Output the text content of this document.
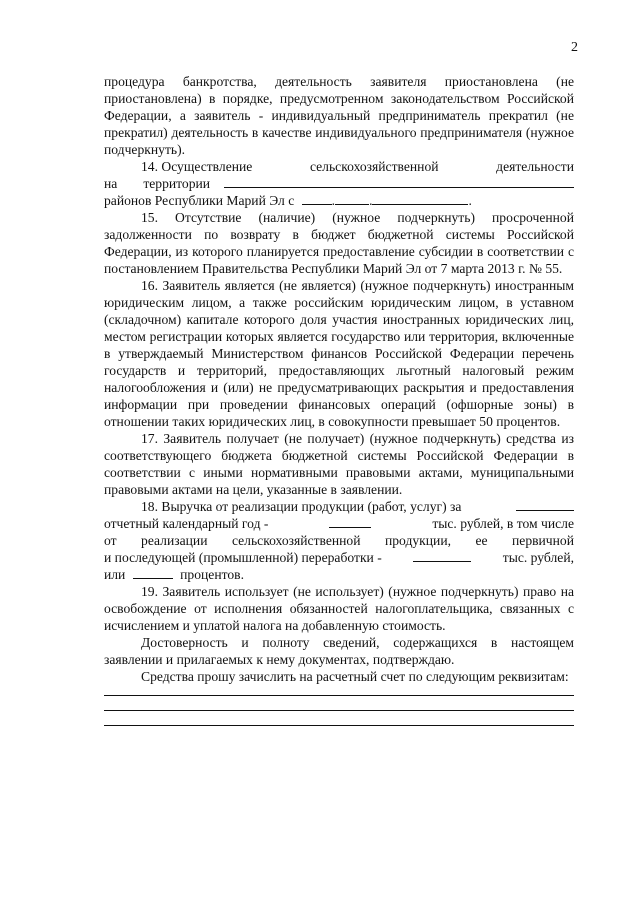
2

процедура банкротства, деятельность заявителя приостановлена (не приостановлена) в порядке, предусмотренном законодательством Российской Федерации, а заявитель - индивидуальный предприниматель прекратил (не прекратил) деятельность в качестве индивидуального предпринимателя (нужное подчеркнуть).

14. Осуществление	сельскохозяйственной	деятельности
на территории
районов Республики Марий Эл с	.	.	.

15. Отсутствие (наличие) (нужное подчеркнуть) просроченной задолженности по возврату в бюджет бюджетной системы Российской Федерации, из которого планируется предоставление субсидии в соответствии с постановлением Правительства Республики Марий Эл от 7 марта 2013 г. № 55.

16. Заявитель является (не является) (нужное подчеркнуть) иностранным юридическим лицом, а также российским юридическим лицом, в уставном (складочном) капитале которого доля участия иностранных юридических лиц, местом регистрации которых является государство или территория, включенные в утверждаемый Министерством финансов Российской Федерации перечень государств и территорий, предоставляющих льготный налоговый режим налогообложения и (или) не предусматривающих раскрытия и предоставления информации при проведении финансовых операций (офшорные зоны) в отношении таких юридических лиц, в совокупности превышает 50 процентов.

17. Заявитель получает (не получает) (нужное подчеркнуть) средства из соответствующего бюджета бюджетной системы Российской Федерации в соответствии с иными нормативными правовыми актами, муниципальными правовыми актами на цели, указанные в заявлении.

18. Выручка от реализации продукции (работ, услуг) за
отчетный календарный год -	тыс. рублей, в том числе
от реализации сельскохозяйственной продукции, ее первичной
и последующей (промышленной) переработки -	тыс. рублей,
или	процентов.

19. Заявитель использует (не использует) (нужное подчеркнуть) право на освобождение от исполнения обязанностей налогоплательщика, связанных с исчислением и уплатой налога на добавленную стоимость.

Достоверность и полноту сведений, содержащихся в настоящем заявлении и прилагаемых к нему документах, подтверждаю.

Средства прошу зачислить на расчетный счет по следующим реквизитам:
